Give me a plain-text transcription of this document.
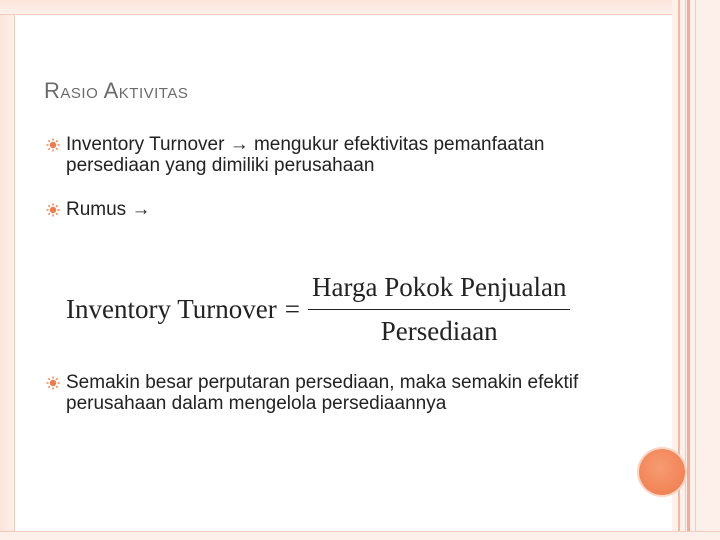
Rasio Aktivitas
Inventory Turnover → mengukur efektivitas pemanfaatan persediaan yang dimiliki perusahaan
Rumus →
Inventory Turnover = $\frac{\text{Harga Pokok Penjualan}}{\text{Persediaan}}$
Semakin besar perputaran persediaan, maka semakin efektif perusahaan dalam mengelola persediaannya
